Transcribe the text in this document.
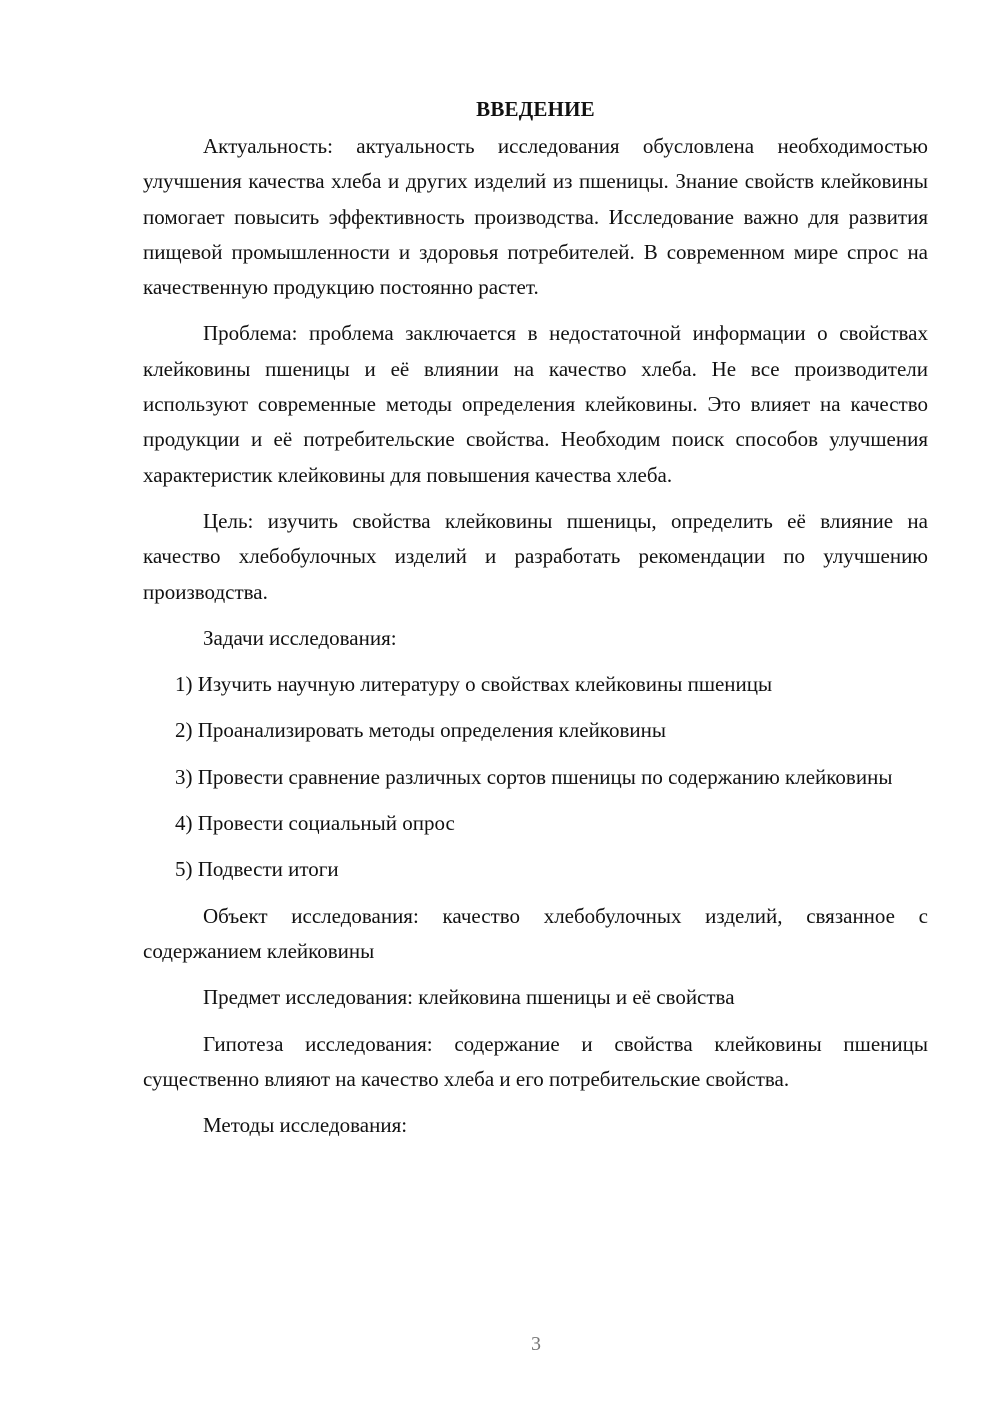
ВВЕДЕНИЕ

Актуальность: актуальность исследования обусловлена необходимостью улучшения качества хлеба и других изделий из пшеницы. Знание свойств клейковины помогает повысить эффективность производства. Исследование важно для развития пищевой промышленности и здоровья потребителей. В современном мире спрос на качественную продукцию постоянно растет.

Проблема: проблема заключается в недостаточной информации о свойствах клейковины пшеницы и её влиянии на качество хлеба. Не все производители используют современные методы определения клейковины. Это влияет на качество продукции и её потребительские свойства. Необходим поиск способов улучшения характеристик клейковины для повышения качества хлеба.

Цель: изучить свойства клейковины пшеницы, определить её влияние на качество хлебобулочных изделий и разработать рекомендации по улучшению производства.

Задачи исследования:

1) Изучить научную литературу о свойствах клейковины пшеницы

2) Проанализировать методы определения клейковины

3) Провести сравнение различных сортов пшеницы по содержанию клейковины

4) Провести социальный опрос

5) Подвести итоги

Объект исследования: качество хлебобулочных изделий, связанное с содержанием клейковины

Предмет исследования: клейковина пшеницы и её свойства

Гипотеза исследования: содержание и свойства клейковины пшеницы существенно влияют на качество хлеба и его потребительские свойства.

Методы исследования:

3
